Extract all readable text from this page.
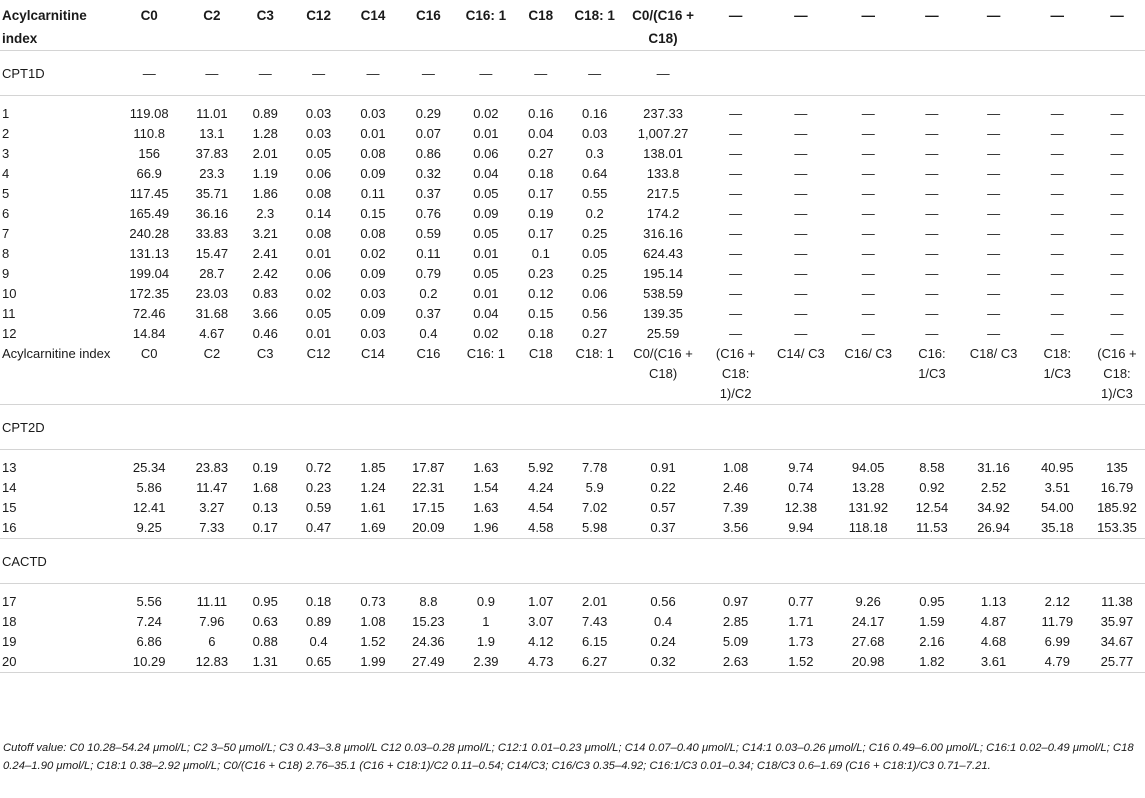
Acylcarnitine index	C0	C2	C3	C12	C14	C16	C16: 1	C18	C18: 1	C0/(C16 + C18)	—	—	—	—	—	—	—
CPT1D	—	—	—	—	—	—	—	—	—	—							

1	119.08	11.01	0.89	0.03	0.03	0.29	0.02	0.16	0.16	237.33	—	—	—	—	—	—	—
2	110.8	13.1	1.28	0.03	0.01	0.07	0.01	0.04	0.03	1,007.27	—	—	—	—	—	—	—
3	156	37.83	2.01	0.05	0.08	0.86	0.06	0.27	0.3	138.01	—	—	—	—	—	—	—
4	66.9	23.3	1.19	0.06	0.09	0.32	0.04	0.18	0.64	133.8	—	—	—	—	—	—	—
5	117.45	35.71	1.86	0.08	0.11	0.37	0.05	0.17	0.55	217.5	—	—	—	—	—	—	—
6	165.49	36.16	2.3	0.14	0.15	0.76	0.09	0.19	0.2	174.2	—	—	—	—	—	—	—
7	240.28	33.83	3.21	0.08	0.08	0.59	0.05	0.17	0.25	316.16	—	—	—	—	—	—	—
8	131.13	15.47	2.41	0.01	0.02	0.11	0.01	0.1	0.05	624.43	—	—	—	—	—	—	—
9	199.04	28.7	2.42	0.06	0.09	0.79	0.05	0.23	0.25	195.14	—	—	—	—	—	—	—
10	172.35	23.03	0.83	0.02	0.03	0.2	0.01	0.12	0.06	538.59	—	—	—	—	—	—	—
11	72.46	31.68	3.66	0.05	0.09	0.37	0.04	0.15	0.56	139.35	—	—	—	—	—	—	—
12	14.84	4.67	0.46	0.01	0.03	0.4	0.02	0.18	0.27	25.59	—	—	—	—	—	—	—
Acylcarnitine index	C0	C2	C3	C12	C14	C16	C16: 1	C18	C18: 1	C0/(C16 + C18)	(C16 + C18: 1)/C2	C14/ C3	C16/ C3	C16: 1/C3	C18/ C3	C18: 1/C3	(C16 + C18: 1)/C3
CPT2D																	

13	25.34	23.83	0.19	0.72	1.85	17.87	1.63	5.92	7.78	0.91	1.08	9.74	94.05	8.58	31.16	40.95	135
14	5.86	11.47	1.68	0.23	1.24	22.31	1.54	4.24	5.9	0.22	2.46	0.74	13.28	0.92	2.52	3.51	16.79
15	12.41	3.27	0.13	0.59	1.61	17.15	1.63	4.54	7.02	0.57	7.39	12.38	131.92	12.54	34.92	54.00	185.92
16	9.25	7.33	0.17	0.47	1.69	20.09	1.96	4.58	5.98	0.37	3.56	9.94	118.18	11.53	26.94	35.18	153.35
CACTD																	

17	5.56	11.11	0.95	0.18	0.73	8.8	0.9	1.07	2.01	0.56	0.97	0.77	9.26	0.95	1.13	2.12	11.38
18	7.24	7.96	0.63	0.89	1.08	15.23	1	3.07	7.43	0.4	2.85	1.71	24.17	1.59	4.87	11.79	35.97
19	6.86	6	0.88	0.4	1.52	24.36	1.9	4.12	6.15	0.24	5.09	1.73	27.68	2.16	4.68	6.99	34.67
20	10.29	12.83	1.31	0.65	1.99	27.49	2.39	4.73	6.27	0.32	2.63	1.52	20.98	1.82	3.61	4.79	25.77

Cutoff value: C0 10.28–54.24 μmol/L; C2 3–50 μmol/L; C3 0.43–3.8 μmol/L C12 0.03–0.28 μmol/L; C12:1 0.01–0.23 μmol/L; C14 0.07–0.40 μmol/L; C14:1 0.03–0.26 μmol/L; C16 0.49–6.00 μmol/L; C16:1 0.02–0.49 μmol/L; C18 0.24–1.90 μmol/L; C18:1 0.38–2.92 μmol/L; C0/(C16 + C18) 2.76–35.1 (C16 + C18:1)/C2 0.11–0.54; C14/C3; C16/C3 0.35–4.92; C16:1/C3 0.01–0.34; C18/C3 0.6–1.69 (C16 + C18:1)/C3 0.71–7.21.
